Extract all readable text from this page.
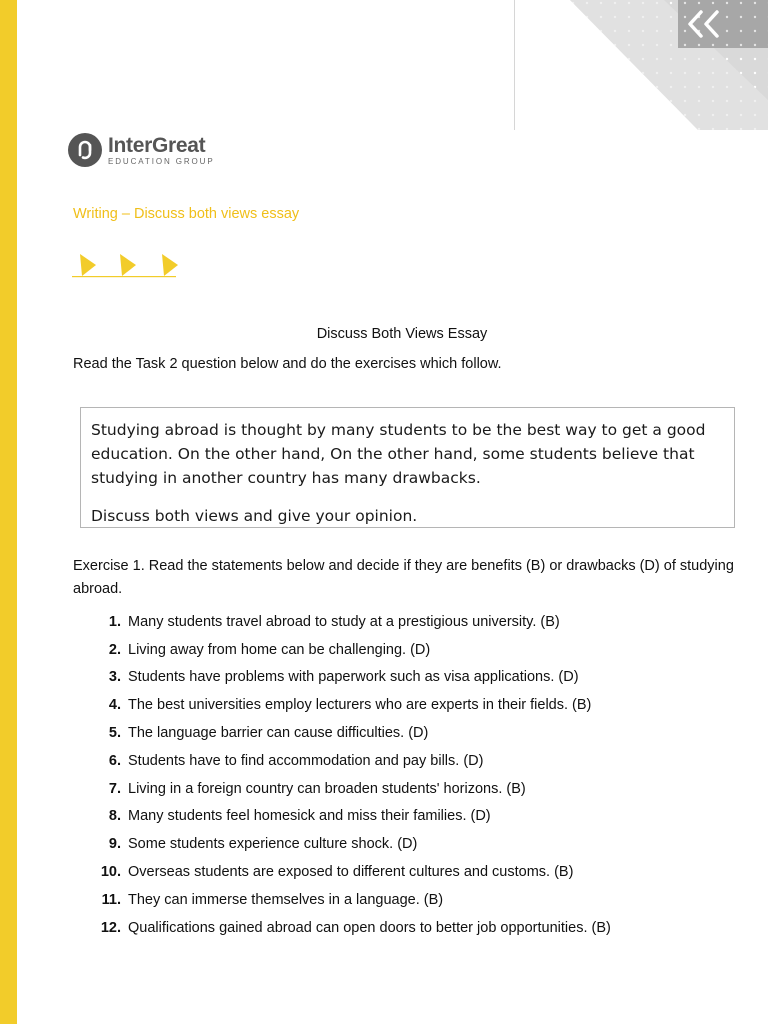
InterGreat
EDUCATION GROUP
Writing – Discuss both views essay
Discuss Both Views Essay
Read the Task 2 question below and do the exercises which follow.

Studying abroad is thought by many students to be the best way to get a good education. On the other hand, On the other hand, some students believe that studying in another country has many drawbacks.

Discuss both views and give your opinion.

Exercise 1. Read the statements below and decide if they are benefits (B) or drawbacks (D) of studying abroad.
1. Many students travel abroad to study at a prestigious university. (B)
2. Living away from home can be challenging. (D)
3. Students have problems with paperwork such as visa applications. (D)
4. The best universities employ lecturers who are experts in their fields. (B)
5. The language barrier can cause difficulties. (D)
6. Students have to find accommodation and pay bills. (D)
7. Living in a foreign country can broaden students' horizons. (B)
8. Many students feel homesick and miss their families. (D)
9. Some students experience culture shock. (D)
10. Overseas students are exposed to different cultures and customs. (B)
11. They can immerse themselves in a language. (B)
12. Qualifications gained abroad can open doors to better job opportunities. (B)
